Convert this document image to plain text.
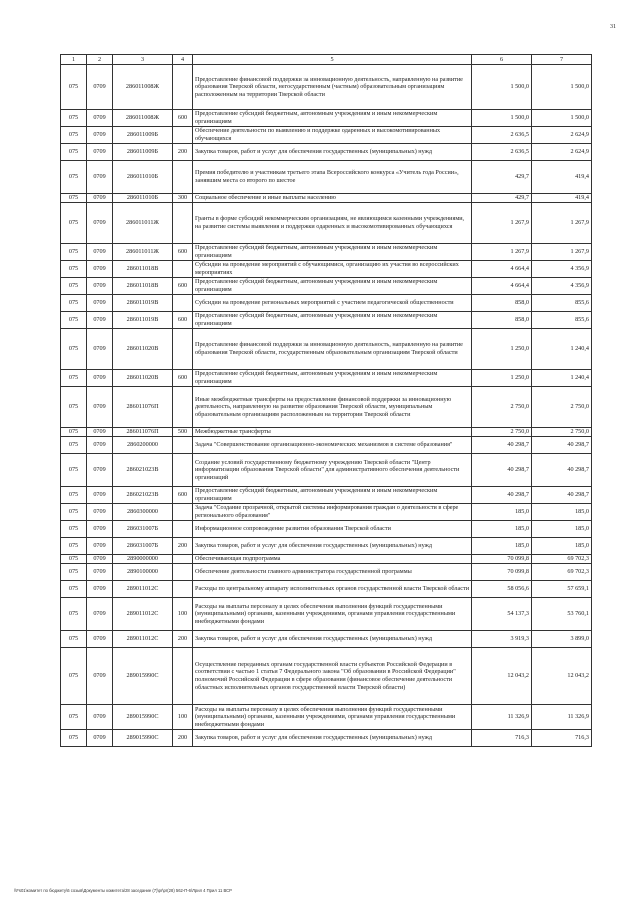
31
1	2	3	4	5	6	7
075	0709	286011008Ж		Предоставление финансовой поддержки за инновационную деятельность, направленную на развитие образования Тверской области, негосударственным (частным) образовательным организациям расположенным на территории Тверской области	1 500,0	1 500,0
075	0709	286011008Ж	600	Предоставление субсидий бюджетным, автономным учреждениям и иным некоммерческим организациям	1 500,0	1 500,0
075	0709	286011009Б		Обеспечение деятельности по выявлению и поддержке одаренных и высокомотивированных обучающихся	2 636,5	2 624,9
075	0709	286011009Б	200	Закупка товаров, работ и услуг для обеспечения государственных (муниципальных) нужд	2 636,5	2 624,9
075	0709	286011010Б		Премия победителю и участникам третьего этапа Всероссийского конкурса «Учитель года России», занявшим места со второго по шестое	429,7	419,4
075	0709	286011010Б	300	Социальное обеспечение и иные выплаты населению	429,7	419,4
075	0709	286011011Ж		Гранты в форме субсидий некоммерческим организациям, не являющимся казенными учреждениями, на развитие системы выявления и поддержки одаренных и высокомотивированных обучающихся	1 267,9	1 267,9
075	0709	286011011Ж	600	Предоставление субсидий бюджетным, автономным учреждениям и иным некоммерческим организациям	1 267,9	1 267,9
075	0709	286011018В		Субсидии на проведение мероприятий с обучающимися, организацию их участия во всероссийских мероприятиях	4 664,4	4 356,9
075	0709	286011018В	600	Предоставление субсидий бюджетным, автономным учреждениям и иным некоммерческим организациям	4 664,4	4 356,9
075	0709	286011019В		Субсидии на проведение региональных мероприятий с участием педагогической общественности	858,0	855,6
075	0709	286011019В	600	Предоставление субсидий бюджетным, автономным учреждениям и иным некоммерческим организациям	858,0	855,6
075	0709	286011020В		Предоставление финансовой поддержки за инновационную деятельность, направленную на развитие образования Тверской области, государственным образовательным организациям Тверской области	1 250,0	1 240,4
075	0709	286011020В	600	Предоставление субсидий бюджетным, автономным учреждениям и иным некоммерческим организациям	1 250,0	1 240,4
075	0709	286011076П		Иные межбюджетные трансферты на предоставление финансовой поддержки за инновационную деятельность, направленную на развитие образования Тверской области, муниципальным образовательным организациям расположенным на территории Тверской области	2 750,0	2 750,0
075	0709	286011076П	500	Межбюджетные трансферты	2 750,0	2 750,0
075	0709	2860200000		Задача "Совершенствование организационно-экономических механизмов в системе образования"	40 298,7	40 298,7
075	0709	286021023В		Создание условий государственному бюджетному учреждению Тверской области "Центр информатизации образования Тверской области" для административного обеспечения деятельности организаций	40 298,7	40 298,7
075	0709	286021023В	600	Предоставление субсидий бюджетным, автономным учреждениям и иным некоммерческим организациям	40 298,7	40 298,7
075	0709	2860300000		Задача "Создание прозрачной, открытой системы информирования граждан о деятельности в сфере регионального образования"	185,0	185,0
075	0709	286031007Б		Информационное сопровождение развития образования Тверской области	185,0	185,0
075	0709	286031007Б	200	Закупка товаров, работ и услуг для обеспечения государственных (муниципальных) нужд	185,0	185,0
075	0709	2890000000		Обеспечивающая подпрограмма	70 099,8	69 702,3
075	0709	2890100000		Обеспечение деятельности главного администратора государственной программы	70 099,8	69 702,3
075	0709	289011012С		Расходы по центральному аппарату исполнительных органов государственной власти Тверской области	58 056,6	57 659,1
075	0709	289011012С	100	Расходы на выплаты персоналу в целях обеспечения выполнения функций государственными (муниципальными) органами, казенными учреждениями, органами управления государственными внебюджетными фондами	54 137,3	53 760,1
075	0709	289011012С	200	Закупка товаров, работ и услуг для обеспечения государственных (муниципальных) нужд	3 919,3	3 899,0
075	0709	289015990С		Осуществление переданных органам государственной власти субъектов Российской Федерации в соответствии с частью 1 статьи 7 Федерального закона "Об образовании в Российской Федерации" полномочий Российской Федерации в сфере образования (финансовое обеспечение деятельности областных исполнительных органов государственной власти Тверской области)	12 043,2	12 043,2
075	0709	289015990С	100	Расходы на выплаты персоналу в целях обеспечения выполнения функций государственными (муниципальными) органами, казенными учреждениями, органами управления государственными внебюджетными фондами	11 326,9	11 326,9
075	0709	289015990С	200	Закупка товаров, работ и услуг для обеспечения государственных (муниципальных) нужд	716,3	716,3
\\Fs01\комитет по бюджету\6 созыв\Документы комитета\28 заседание (7)\pr\pr(28) 562-П-6\Лрил 4 Прил 11 ВСР
